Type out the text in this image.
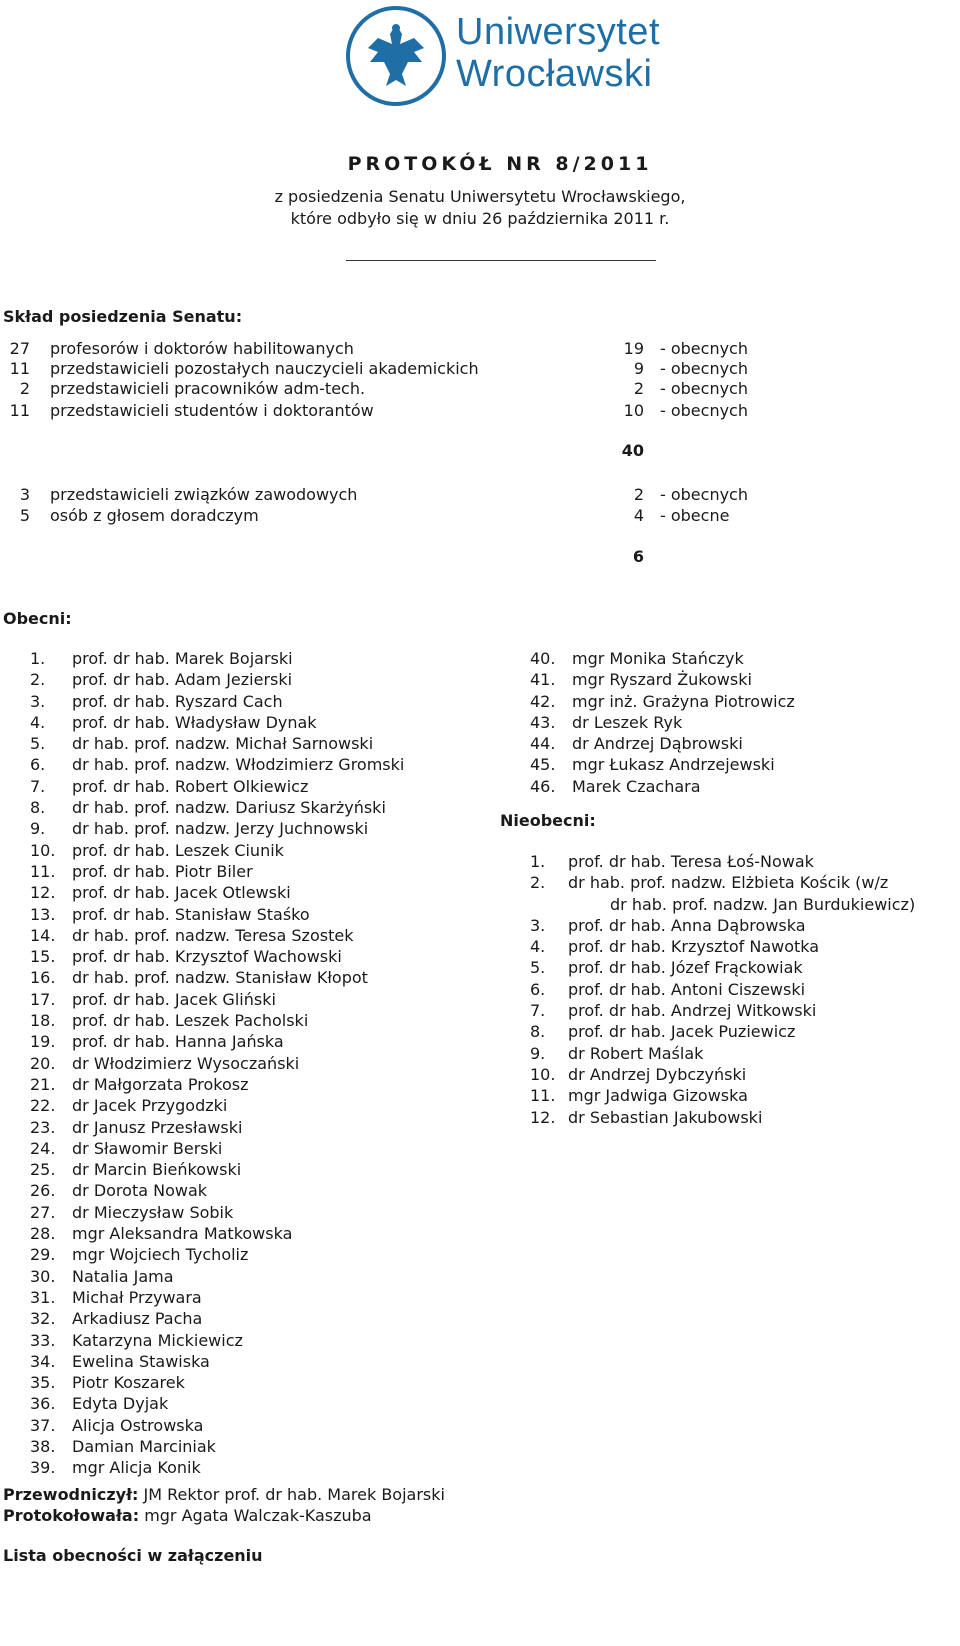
Uniwersytet
Wrocławski
PROTOKÓŁ NR 8/2011
z posiedzenia Senatu Uniwersytetu Wrocławskiego,
które odbyło się w dniu 26 października 2011 r.
Skład posiedzenia Senatu:
27 profesorów i doktorów habilitowanych	19 - obecnych
11 przedstawicieli pozostałych nauczycieli akademickich	9 - obecnych
2 przedstawicieli pracowników adm-tech.	2 - obecnych
11 przedstawicieli studentów i doktorantów	10 - obecnych
40
3 przedstawicieli związków zawodowych	2 - obecnych
5 osób z głosem doradczym	4 - obecne
6
Obecni:
1. prof. dr hab. Marek Bojarski
2. prof. dr hab. Adam Jezierski
3. prof. dr hab. Ryszard Cach
4. prof. dr hab. Władysław Dynak
5. dr hab. prof. nadzw. Michał Sarnowski
6. dr hab. prof. nadzw. Włodzimierz Gromski
7. prof. dr hab. Robert Olkiewicz
8. dr hab. prof. nadzw. Dariusz Skarżyński
9. dr hab. prof. nadzw. Jerzy Juchnowski
10. prof. dr hab. Leszek Ciunik
11. prof. dr hab. Piotr Biler
12. prof. dr hab. Jacek Otlewski
13. prof. dr hab. Stanisław Staśko
14. dr hab. prof. nadzw. Teresa Szostek
15. prof. dr hab. Krzysztof Wachowski
16. dr hab. prof. nadzw. Stanisław Kłopot
17. prof. dr hab. Jacek Gliński
18. prof. dr hab. Leszek Pacholski
19. prof. dr hab. Hanna Jańska
20. dr Włodzimierz Wysoczański
21. dr Małgorzata Prokosz
22. dr Jacek Przygodzki
23. dr Janusz Przesławski
24. dr Sławomir Berski
25. dr Marcin Bieńkowski
26. dr Dorota Nowak
27. dr Mieczysław Sobik
28. mgr Aleksandra Matkowska
29. mgr Wojciech Tycholiz
30. Natalia Jama
31. Michał Przywara
32. Arkadiusz Pacha
33. Katarzyna Mickiewicz
34. Ewelina Stawiska
35. Piotr Koszarek
36. Edyta Dyjak
37. Alicja Ostrowska
38. Damian Marciniak
39. mgr Alicja Konik
40. mgr Monika Stańczyk
41. mgr Ryszard Żukowski
42. mgr inż. Grażyna Piotrowicz
43. dr Leszek Ryk
44. dr Andrzej Dąbrowski
45. mgr Łukasz Andrzejewski
46. Marek Czachara
Nieobecni:
1. prof. dr hab. Teresa Łoś-Nowak
2. dr hab. prof. nadzw. Elżbieta Kościk (w/z
dr hab. prof. nadzw. Jan Burdukiewicz)
3. prof. dr hab. Anna Dąbrowska
4. prof. dr hab. Krzysztof Nawotka
5. prof. dr hab. Józef Frąckowiak
6. prof. dr hab. Antoni Ciszewski
7. prof. dr hab. Andrzej Witkowski
8. prof. dr hab. Jacek Puziewicz
9. dr Robert Maślak
10. dr Andrzej Dybczyński
11. mgr Jadwiga Gizowska
12. dr Sebastian Jakubowski
Przewodniczył: JM Rektor prof. dr hab. Marek Bojarski
Protokołowała: mgr Agata Walczak-Kaszuba
Lista obecności w załączeniu
